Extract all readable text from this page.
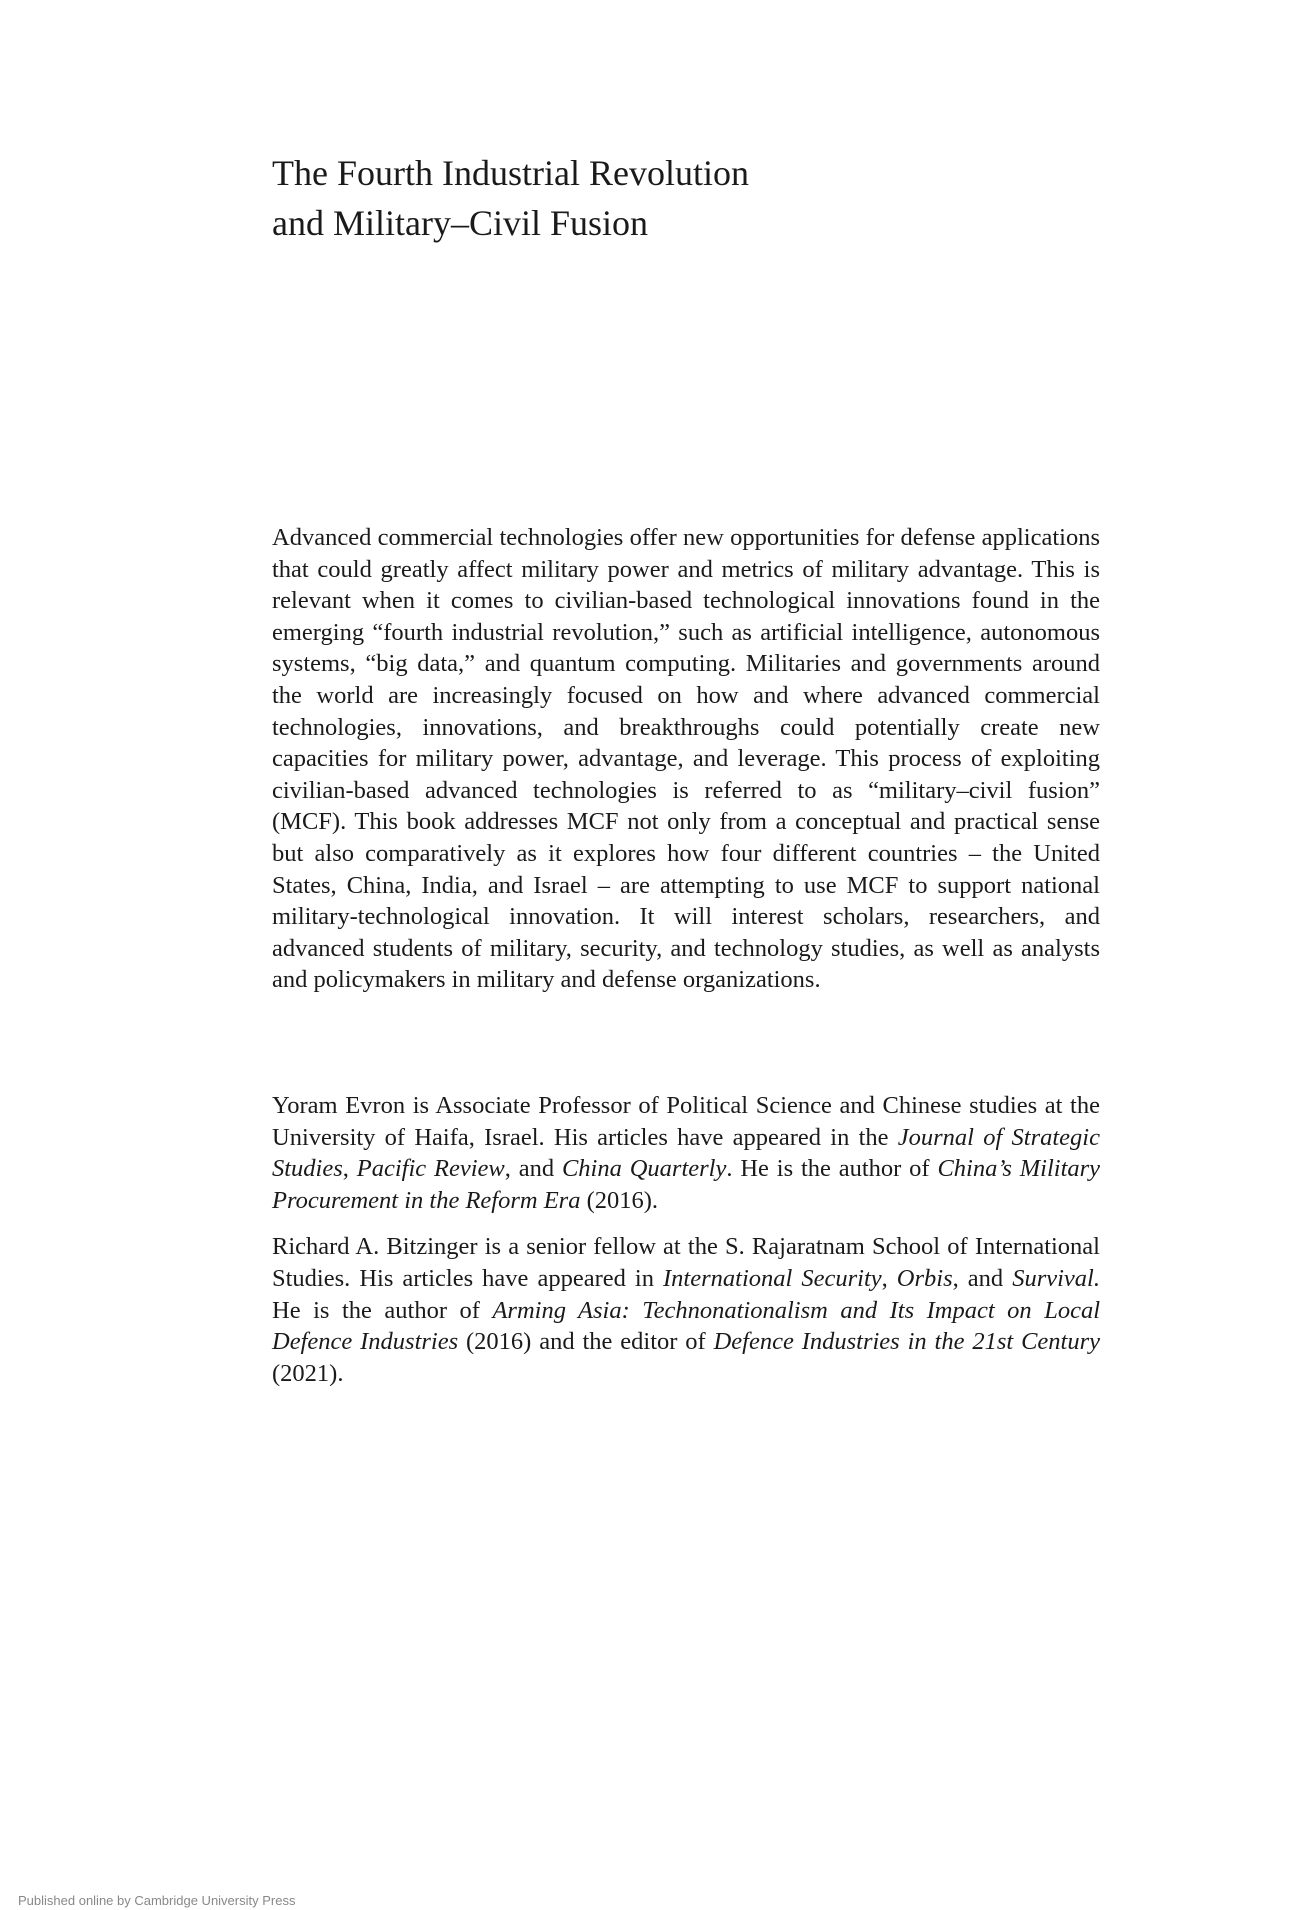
The Fourth Industrial Revolution
and Military–Civil Fusion

Advanced commercial technologies offer new opportunities for defense applications that could greatly affect military power and metrics of military advantage. This is relevant when it comes to civilian-based technological innovations found in the emerging “fourth industrial revolution,” such as artificial intelligence, autonomous systems, “big data,” and quantum computing. Militaries and governments around the world are increasingly focused on how and where advanced commercial technologies, innovations, and breakthroughs could potentially create new capacities for military power, advantage, and leverage. This process of exploiting civilian-based advanced technologies is referred to as “military–civil fusion” (MCF). This book addresses MCF not only from a conceptual and practical sense but also comparatively as it explores how four different countries – the United States, China, India, and Israel – are attempting to use MCF to support national military-technological innovation. It will interest scholars, researchers, and advanced students of military, security, and technology studies, as well as analysts and policymakers in military and defense organizations.

Yoram Evron is Associate Professor of Political Science and Chinese studies at the University of Haifa, Israel. His articles have appeared in the Journal of Strategic Studies, Pacific Review, and China Quarterly. He is the author of China’s Military Procurement in the Reform Era (2016).

Richard A. Bitzinger is a senior fellow at the S. Rajaratnam School of International Studies. His articles have appeared in International Security, Orbis, and Survival. He is the author of Arming Asia: Technonationalism and Its Impact on Local Defence Industries (2016) and the editor of Defence Industries in the 21st Century (2021).

Published online by Cambridge University Press
